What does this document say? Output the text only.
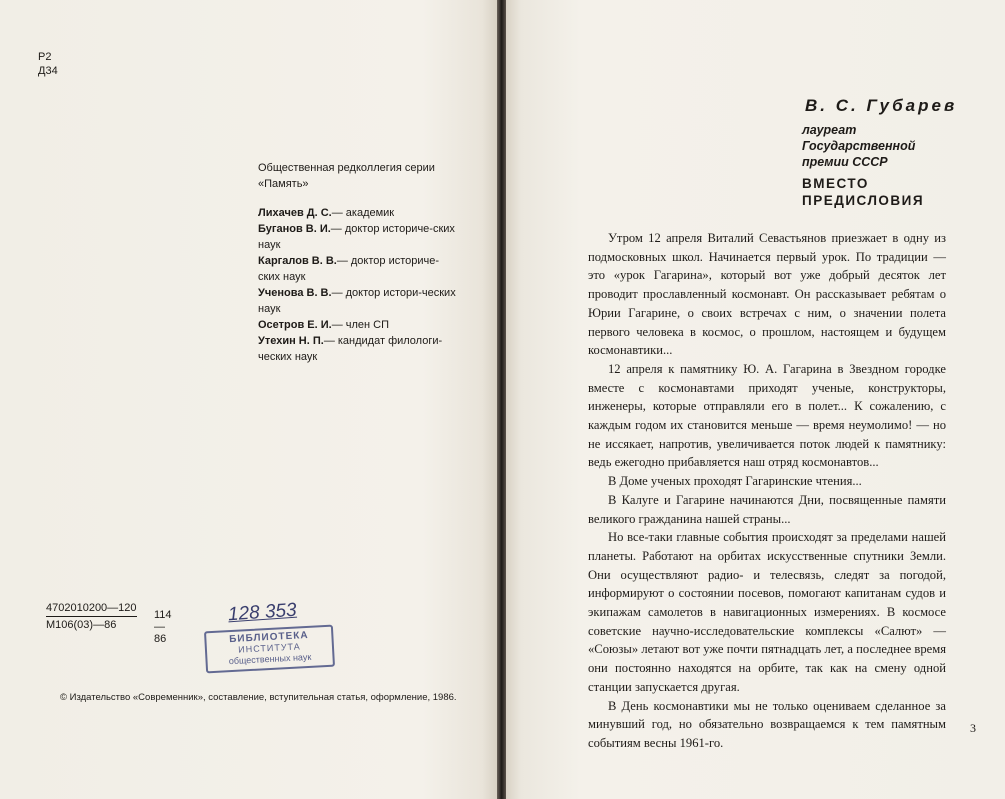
Р2
Д34
Общественная редколлегия серии «Память»

Лихачев Д. С.— академик

Буганов В. И.— доктор историче-ских наук

Каргалов В. В.— доктор историче-ских наук

Ученова В. В.— доктор истори-ческих наук

Осетров Е. И.— член СП

Утехин Н. П.— кандидат филологи-ческих наук

$\frac{4702010200—120}{М106(03)—86}$ 114—86
128 353
БИБЛИОТЕКА
ИНСТИТУТА
общественных наук
© Издательство «Современник», составление, вступительная статья, оформление, 1986.
В. С. Губарев
лауреат
Государственной
премии СССР
ВМЕСТО
ПРЕДИСЛОВИЯ

Утром 12 апреля Виталий Севастьянов приезжает в одну из подмосковных школ. Начинается первый урок. По традиции — это «урок Гагарина», который вот уже добрый десяток лет проводит прославленный космонавт. Он рассказывает ребятам о Юрии Гагарине, о своих встречах с ним, о значении полета первого человека в космос, о прошлом, настоящем и будущем космонавтики...

12 апреля к памятнику Ю. А. Гагарина в Звездном городке вместе с космонавтами приходят ученые, конструкторы, инженеры, которые отправляли его в полет... К сожалению, с каждым годом их становится меньше — время неумолимо! — но не иссякает, напротив, увеличивается поток людей к памятнику: ведь ежегодно прибавляется наш отряд космонавтов...

В Доме ученых проходят Гагаринские чтения...

В Калуге и Гагарине начинаются Дни, посвященные памяти великого гражданина нашей страны...

Но все-таки главные события происходят за пределами нашей планеты. Работают на орбитах искусственные спутники Земли. Они осуществляют радио- и телесвязь, следят за погодой, информируют о состоянии посевов, помогают капитанам судов и экипажам самолетов в навигационных измерениях. В космосе советские научно-исследовательские комплексы «Салют» — «Союзы» летают вот уже почти пятнадцать лет, а последнее время они постоянно находятся на орбите, так как на смену одной станции запускается другая.

В День космонавтики мы не только оцениваем сделанное за минувший год, но обязательно возвращаемся к тем памятным событиям весны 1961-го.

3
